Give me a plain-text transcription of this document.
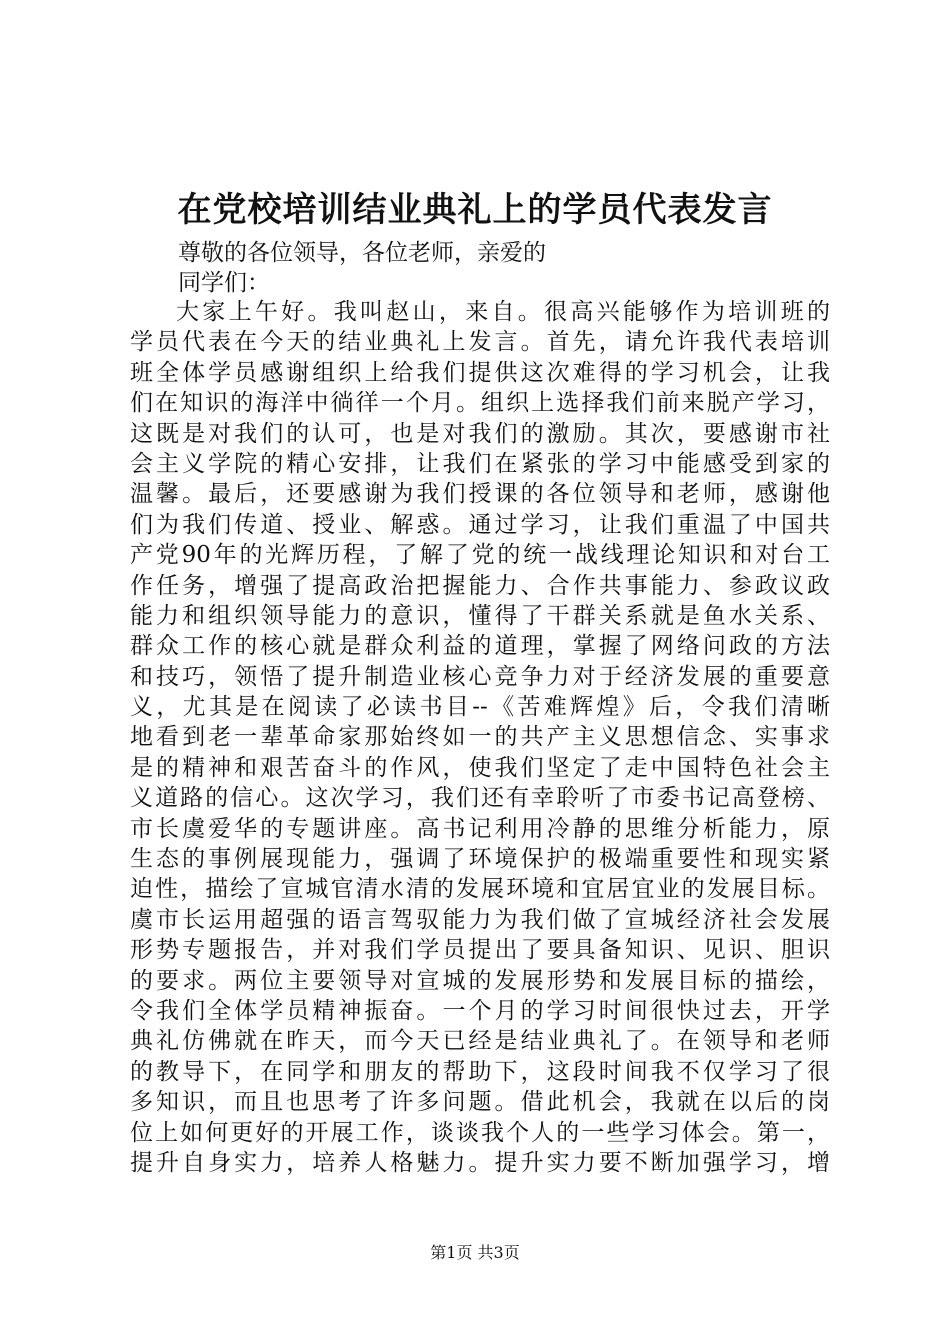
在党校培训结业典礼上的学员代表发言
尊敬的各位领导，各位老师，亲爱的
同学们：
大家上午好。我叫赵山，来自。很高兴能够作为培训班的
学员代表在今天的结业典礼上发言。首先，请允许我代表培训
班全体学员感谢组织上给我们提供这次难得的学习机会，让我
们在知识的海洋中徜徉一个月。组织上选择我们前来脱产学习，
这既是对我们的认可，也是对我们的激励。其次，要感谢市社
会主义学院的精心安排，让我们在紧张的学习中能感受到家的
温馨。最后，还要感谢为我们授课的各位领导和老师，感谢他
们为我们传道、授业、解惑。通过学习，让我们重温了中国共
产党90年的光辉历程，了解了党的统一战线理论知识和对台工
作任务，增强了提高政治把握能力、合作共事能力、参政议政
能力和组织领导能力的意识，懂得了干群关系就是鱼水关系、
群众工作的核心就是群众利益的道理，掌握了网络问政的方法
和技巧，领悟了提升制造业核心竞争力对于经济发展的重要意
义，尤其是在阅读了必读书目--《苦难辉煌》后，令我们清晰
地看到老一辈革命家那始终如一的共产主义思想信念、实事求
是的精神和艰苦奋斗的作风，使我们坚定了走中国特色社会主
义道路的信心。这次学习，我们还有幸聆听了市委书记高登榜、
市长虞爱华的专题讲座。高书记利用冷静的思维分析能力，原
生态的事例展现能力，强调了环境保护的极端重要性和现实紧
迫性，描绘了宣城官清水清的发展环境和宜居宜业的发展目标。
虞市长运用超强的语言驾驭能力为我们做了宣城经济社会发展
形势专题报告，并对我们学员提出了要具备知识、见识、胆识
的要求。两位主要领导对宣城的发展形势和发展目标的描绘，
令我们全体学员精神振奋。一个月的学习时间很快过去，开学
典礼仿佛就在昨天，而今天已经是结业典礼了。在领导和老师
的教导下，在同学和朋友的帮助下，这段时间我不仅学习了很
多知识，而且也思考了许多问题。借此机会，我就在以后的岗
位上如何更好的开展工作，谈谈我个人的一些学习体会。第一，
提升自身实力，培养人格魅力。提升实力要不断加强学习，增
第1页 共3页
